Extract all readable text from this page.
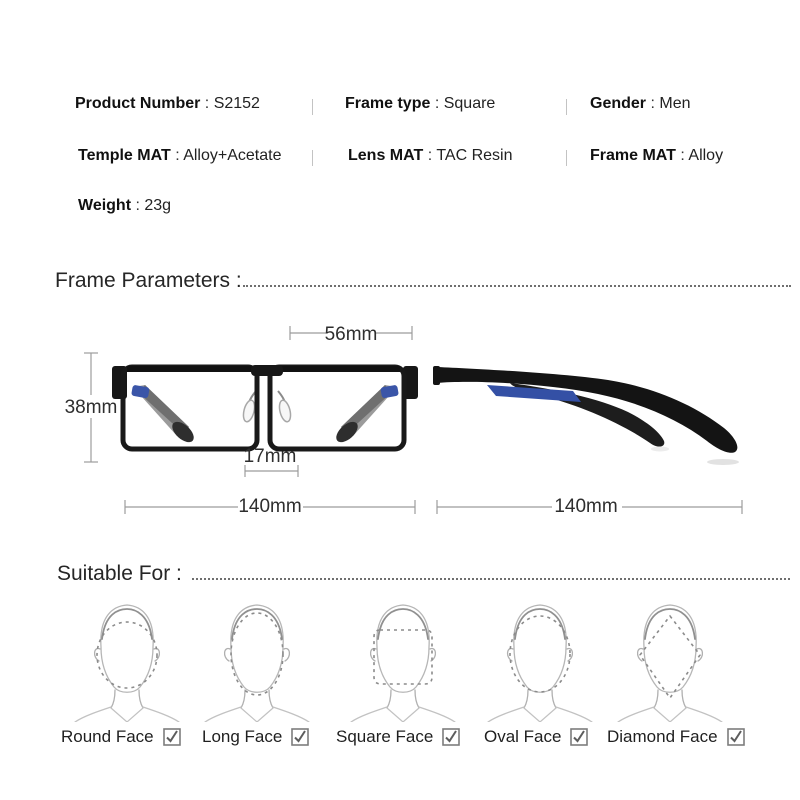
Product Number : S2152	Frame type : Square	Gender : Men
Temple MAT : Alloy+Acetate	Lens MAT : TAC Resin	Frame MAT : Alloy
Weight : 23g
Frame Parameters :
56mm
38mm
17mm
140mm	140mm
Suitable For :
Round Face	Long Face	Square Face	Oval Face	Diamond Face
